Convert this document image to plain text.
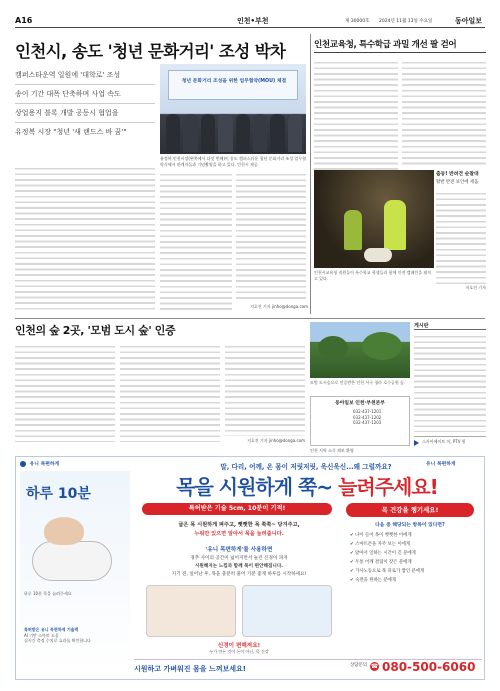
A16	인천•부천	제 30000호 2024년 11월 13일 수요일	동아일보
인천시, 송도 '청년 문화거리' 조성 박차
캠퍼스타운역 일원에 '대학로' 조성
송이 기간 대폭 단축하며 사업 속도
상업용지 블록 개발 공동시 협업을
유정복 시장 "청년 '새 랜드스 바 꿈'"
청년 문화거리 조성을 위한 업무협약(MOU) 체결
유정복 인천시장(왼쪽에서 다섯 번째)이 송도 캠퍼스타운 청년 문화거리 조성 업무협약식에서 관계자들과 기념촬영을 하고 있다. 인천시 제공
지호진 기자 jinho@donga.com
인천교육청, 특수학급 과밀 개선 팔 걷어
인천시교육청 직원들이 특수학교 학생들과 함께 안전 캠페인을 펼치고 있다.
출동! 반려견 순찰대
활발 반전 보안에 세움
지호진 기자
인천의 숲 2곳, '모범 도시 숲' 인증
지호진 기자 jinho@donga.com
모범 도시숲으로 인증받은 인천 서구 청라 호수공원 숲.
동아일보 인천·부천본부
032-437-1201
032-437-1202
032-437-1203
게시판
스카이에이트 이, PTV 원
인천 지역 소식 제보 환영
유니 목편하게	유니 목편하게
하루 10분
하루 10분 목을 늘려주세요
특허받은 유니 목편하게 기술력
AI 기반 스마트 도움
실시간 측정 수치로 효과를 확인합니다
말, 다리, 어깨, 온 몸이 저릿저릿, 욱신욱신...왜 그럴까요?
목을 시원하게 쭉~ 늘려주세요!
특허받은 기술 5cm, 10분이 기적!
굽은 목 시원하게 펴주고, 뻣뻣한 목 쭉쭉~ 당겨주고,
누워만 있으면 알아서 목을 늘려줍니다.
'유니 목편하게'를 사용하면
경추 사이의 공간이 넓어지면서 눌린 신경이 펴져
시원해지는 느낌과 함께 목이 편안해집니다.
지기 전, 일어난 후, 목을 충분히 풀어 기분 좋게 하루를 시작하세요!
신경이 편해져요!
누가 만든 것이 돈이 아닌, 목 건강
목 건강을 챙기세요!
다음 중 해당되는 항목이 있다면?
✔ 나이 들어 목이 뻣뻣한 이에게
✔ 스마트폰을 자주 보는 이에게
✔ 앉아서 일하는 시간이 긴 분에게
✔ 두통 어깨 결림이 잦은 분에게
✔ 가사노동으로 목 피로가 쌓인 분에게
✔ 숙면을 원하는 분에게
시원하고 가벼워진 몸을 느껴보세요!	상담문의 ☎ 080-500-6060
